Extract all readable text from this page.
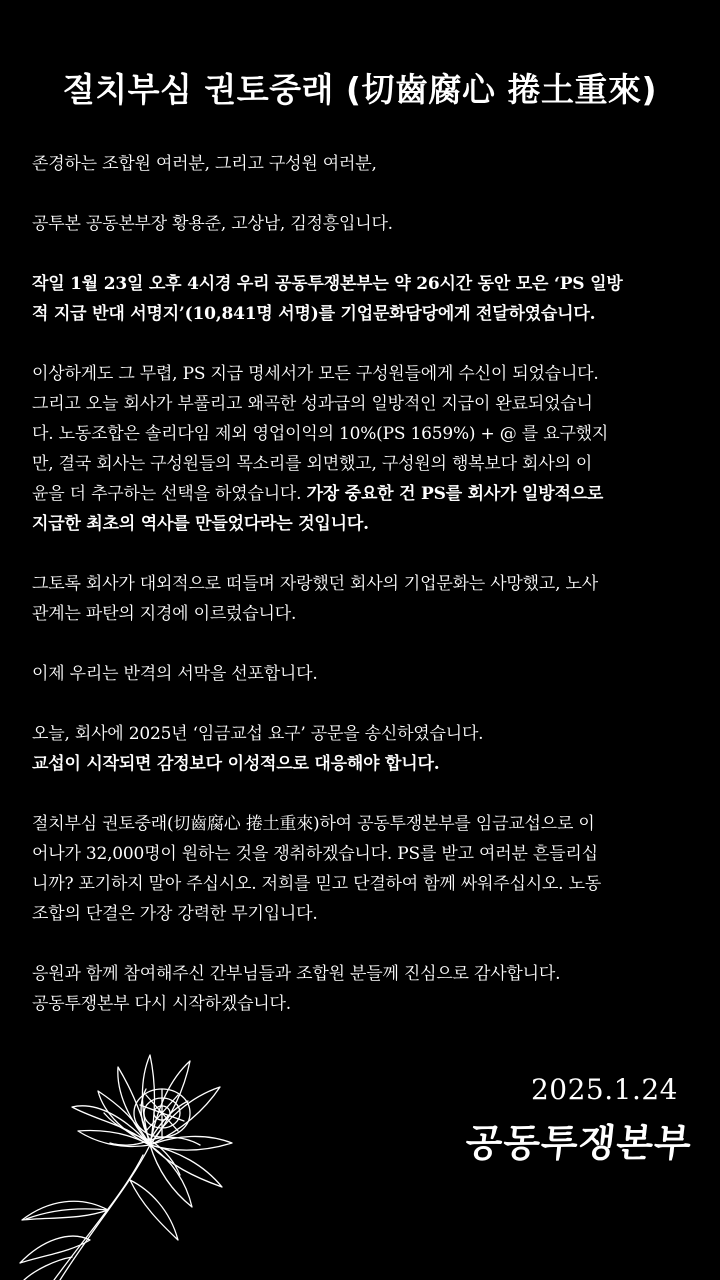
절치부심 권토중래 (切齒腐心 捲土重來)

존경하는 조합원 여러분, 그리고 구성원 여러분,

공투본 공동본부장 황용준, 고상남, 김정흥입니다.

작일 1월 23일 오후 4시경 우리 공동투쟁본부는 약 26시간 동안 모은 ‘PS 일방
적 지급 반대 서명지’(10,841명 서명)를 기업문화담당에게 전달하였습니다.

이상하게도 그 무렵, PS 지급 명세서가 모든 구성원들에게 수신이 되었습니다.
그리고 오늘 회사가 부풀리고 왜곡한 성과급의 일방적인 지급이 완료되었습니
다. 노동조합은 솔리다임 제외 영업이익의 10%(PS 1659%) + @ 를 요구했지
만, 결국 회사는 구성원들의 목소리를 외면했고, 구성원의 행복보다 회사의 이
윤을 더 추구하는 선택을 하였습니다. 가장 중요한 건 PS를 회사가 일방적으로
지급한 최초의 역사를 만들었다라는 것입니다.

그토록 회사가 대외적으로 떠들며 자랑했던 회사의 기업문화는 사망했고, 노사
관계는 파탄의 지경에 이르렀습니다.

이제 우리는 반격의 서막을 선포합니다.

오늘, 회사에 2025년 ‘임금교섭 요구’ 공문을 송신하였습니다.
교섭이 시작되면 감정보다 이성적으로 대응해야 합니다.

절치부심 권토중래(切齒腐心 捲土重來)하여 공동투쟁본부를 임금교섭으로 이
어나가 32,000명이 원하는 것을 쟁취하겠습니다. PS를 받고 여러분 흔들리십
니까? 포기하지 말아 주십시오. 저희를 믿고 단결하여 함께 싸워주십시오. 노동
조합의 단결은 가장 강력한 무기입니다.

응원과 함께 참여해주신 간부님들과 조합원 분들께 진심으로 감사합니다.
공동투쟁본부 다시 시작하겠습니다.

2025.1.24
공동투쟁본부
